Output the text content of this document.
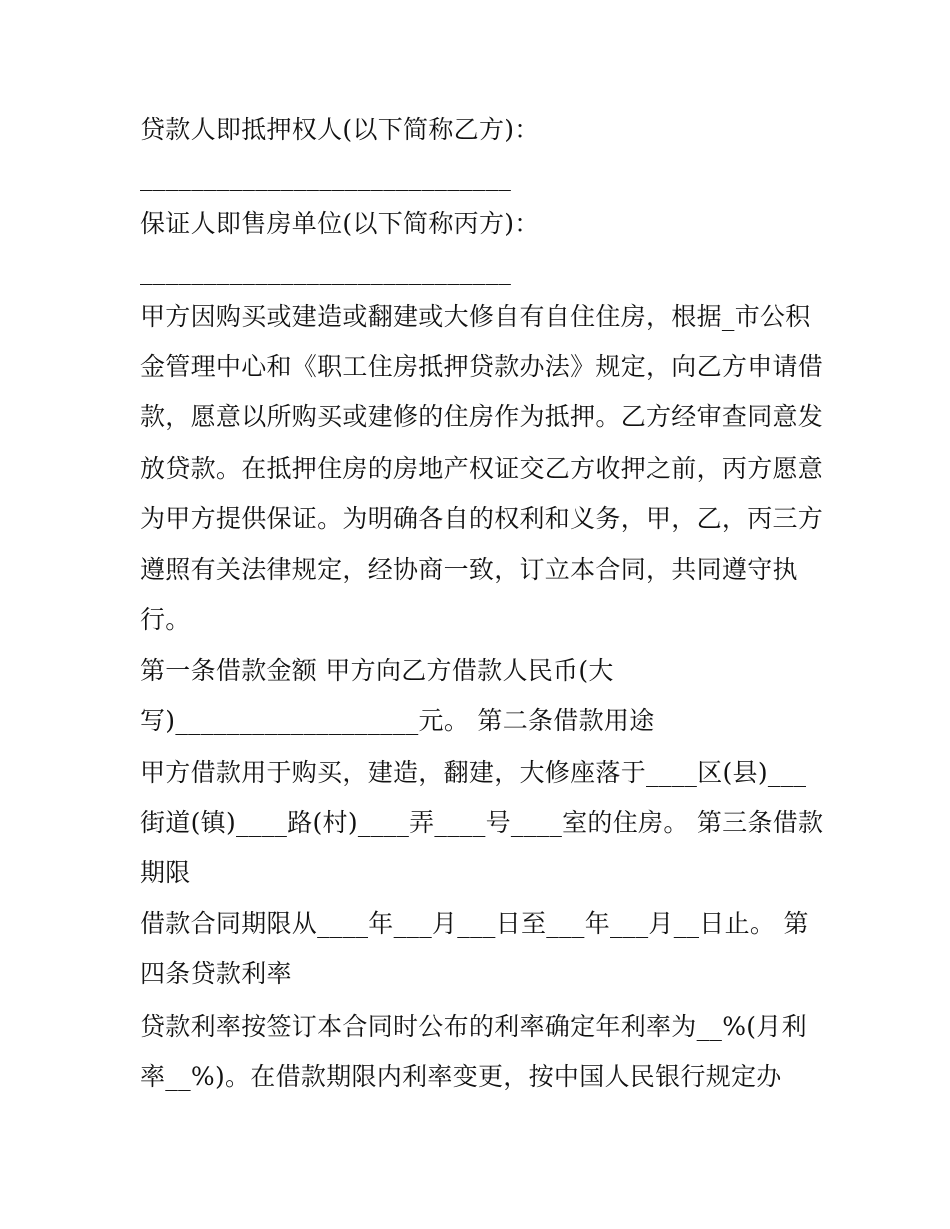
贷款人即抵押权人(以下简称乙方)：
_____________________________
保证人即售房单位(以下简称丙方)：
_____________________________
甲方因购买或建造或翻建或大修自有自住住房，根据_市公积
金管理中心和《职工住房抵押贷款办法》规定，向乙方申请借
款，愿意以所购买或建修的住房作为抵押。乙方经审查同意发
放贷款。在抵押住房的房地产权证交乙方收押之前，丙方愿意
为甲方提供保证。为明确各自的权利和义务，甲，乙，丙三方
遵照有关法律规定，经协商一致，订立本合同，共同遵守执
行。
第一条借款金额 甲方向乙方借款人民币(大
写)___________________元。 第二条借款用途
甲方借款用于购买，建造，翻建，大修座落于____区(县)___
街道(镇)____路(村)____弄____号____室的住房。 第三条借款
期限
借款合同期限从____年___月___日至___年___月__日止。 第
四条贷款利率
贷款利率按签订本合同时公布的利率确定年利率为__%(月利
率__%)。在借款期限内利率变更，按中国人民银行规定办
